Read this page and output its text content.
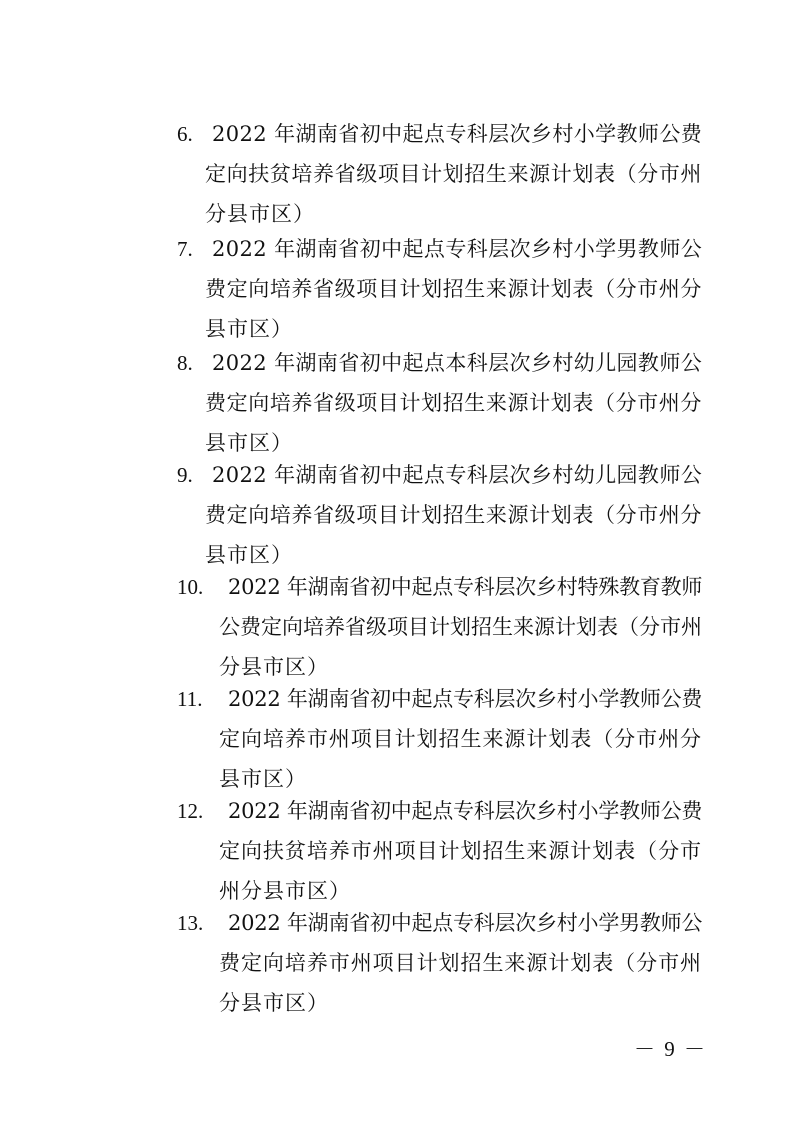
6. 2022 年湖南省初中起点专科层次乡村小学教师公费
定向扶贫培养省级项目计划招生来源计划表（分市州
分县市区）
7. 2022 年湖南省初中起点专科层次乡村小学男教师公
费定向培养省级项目计划招生来源计划表（分市州分
县市区）
8. 2022 年湖南省初中起点本科层次乡村幼儿园教师公
费定向培养省级项目计划招生来源计划表（分市州分
县市区）
9. 2022 年湖南省初中起点专科层次乡村幼儿园教师公
费定向培养省级项目计划招生来源计划表（分市州分
县市区）
10. 2022 年湖南省初中起点专科层次乡村特殊教育教师
公费定向培养省级项目计划招生来源计划表（分市州
分县市区）
11. 2022 年湖南省初中起点专科层次乡村小学教师公费
定向培养市州项目计划招生来源计划表（分市州分
县市区）
12. 2022 年湖南省初中起点专科层次乡村小学教师公费
定向扶贫培养市州项目计划招生来源计划表（分市
州分县市区）
13. 2022 年湖南省初中起点专科层次乡村小学男教师公
费定向培养市州项目计划招生来源计划表（分市州
分县市区）
－ 9 －
